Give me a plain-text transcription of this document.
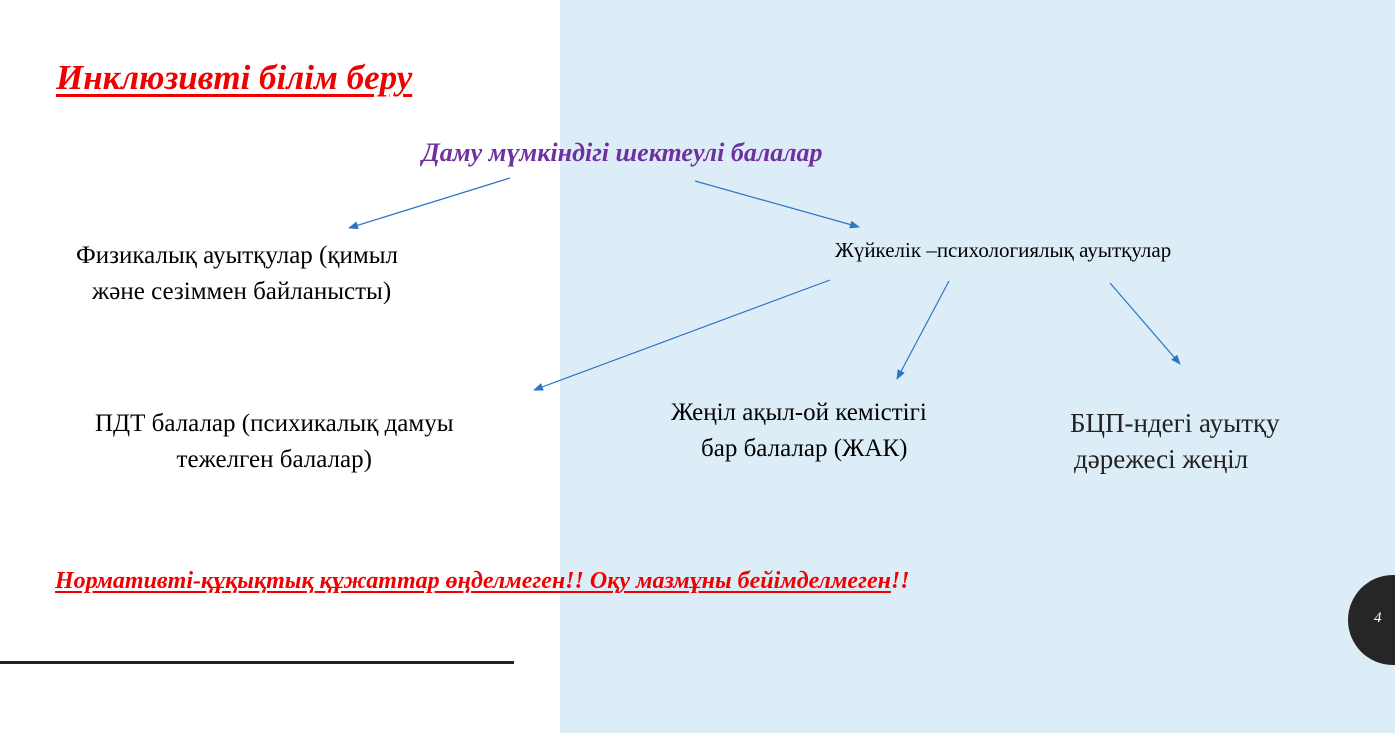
Инклюзивті білім беру
Даму мүмкіндігі шектеулі балалар
Физикалық ауытқулар (қимыл
және сезіммен байланысты)
Жүйкелік –психологиялық ауытқулар
ПДТ балалар (психикалық дамуы
тежелген балалар)
Жеңіл ақыл-ой кемістігі
бар балалар (ЖАК)
БЦП-ндегі ауытқу
дәрежесі жеңіл
Нормативті-құқықтық құжаттар өңделмеген!! Оқу мазмұны бейімделмеген!!
4
